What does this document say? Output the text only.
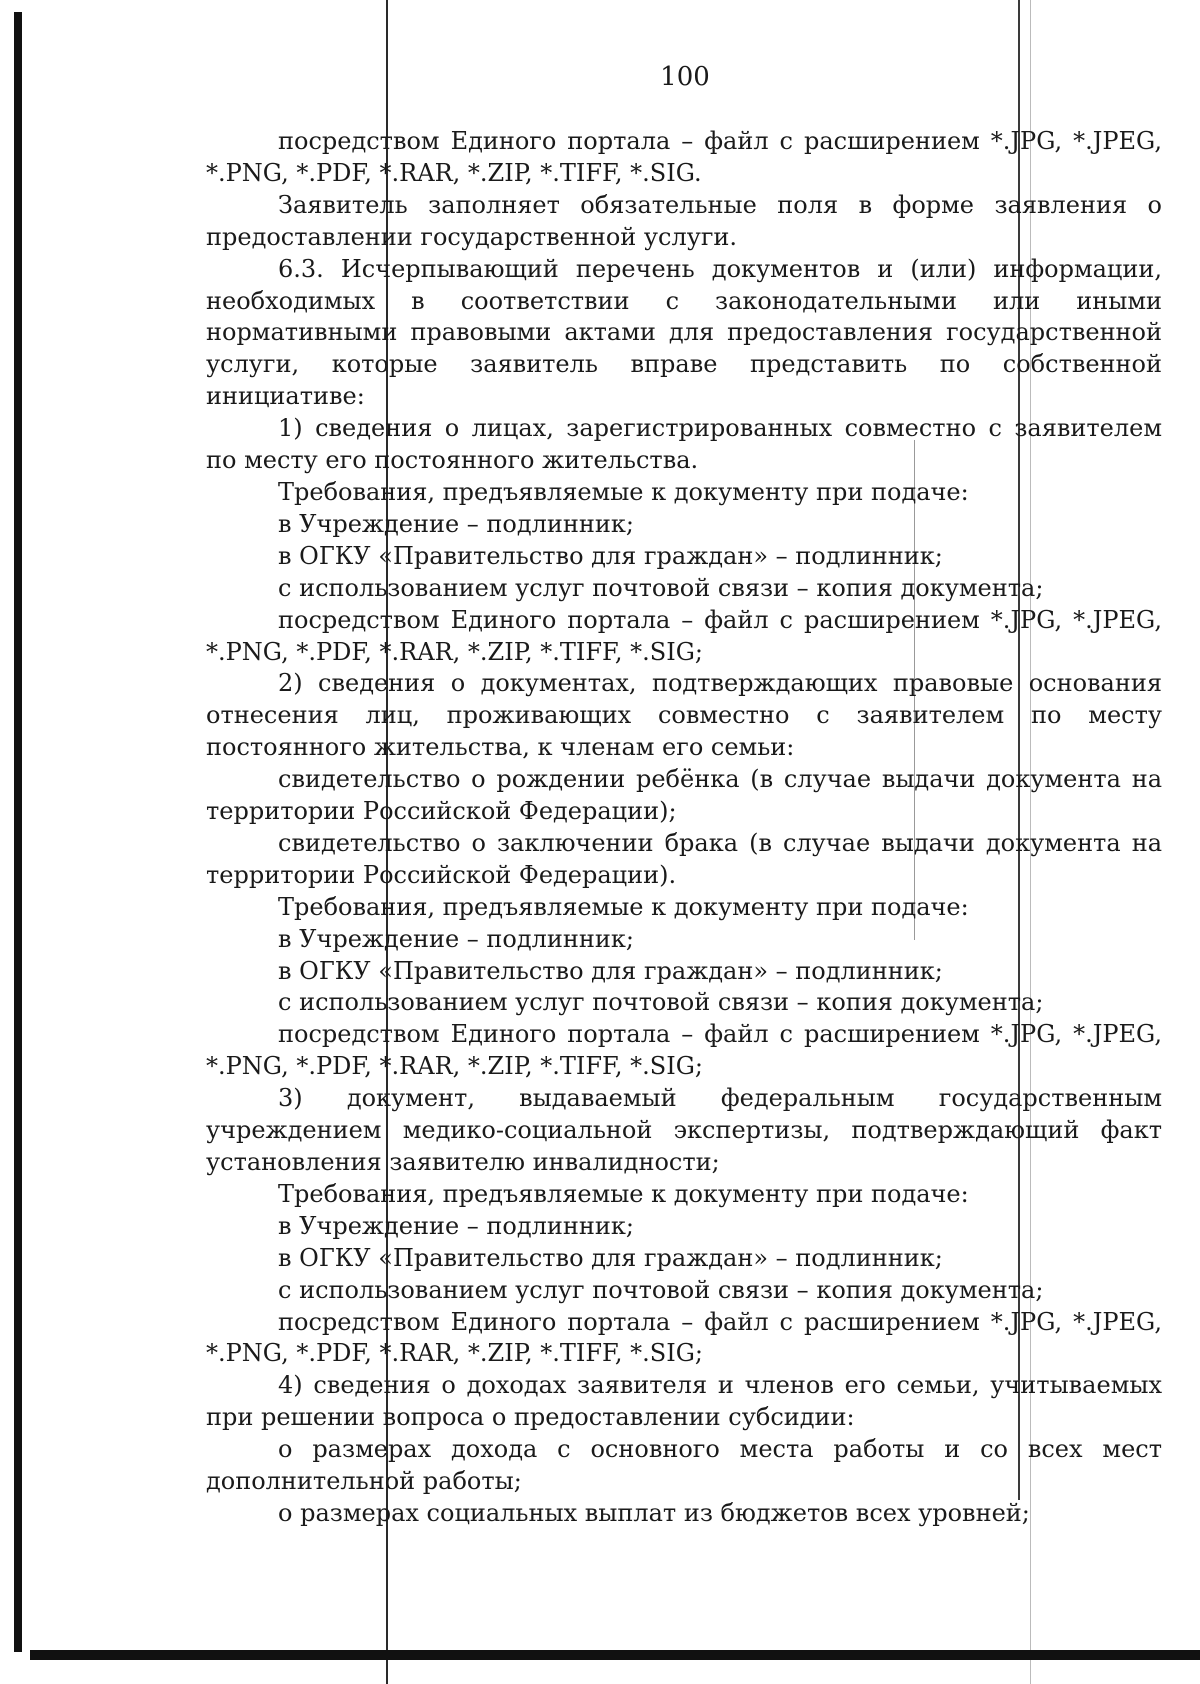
100

посредством Единого портала – файл с расширением *.JPG, *.JPEG, *.PNG, *.PDF, *.RAR, *.ZIP, *.TIFF, *.SIG.

Заявитель заполняет обязательные поля в форме заявления о предоставлении государственной услуги.

6.3. Исчерпывающий перечень документов и (или) информации, необходимых в соответствии с законодательными или иными нормативными правовыми актами для предоставления государственной услуги, которые заявитель вправе представить по собственной инициативе:

1) сведения о лицах, зарегистрированных совместно с заявителем по месту его постоянного жительства.

Требования, предъявляемые к документу при подаче:

в Учреждение – подлинник;

в ОГКУ «Правительство для граждан» – подлинник;

с использованием услуг почтовой связи – копия документа;

посредством Единого портала – файл с расширением *.JPG, *.JPEG, *.PNG, *.PDF, *.RAR, *.ZIP, *.TIFF, *.SIG;

2) сведения о документах, подтверждающих правовые основания отнесения лиц, проживающих совместно с заявителем по месту постоянного жительства, к членам его семьи:

свидетельство о рождении ребёнка (в случае выдачи документа на территории Российской Федерации);

свидетельство о заключении брака (в случае выдачи документа на территории Российской Федерации).

Требования, предъявляемые к документу при подаче:

в Учреждение – подлинник;

в ОГКУ «Правительство для граждан» – подлинник;

с использованием услуг почтовой связи – копия документа;

посредством Единого портала – файл с расширением *.JPG, *.JPEG, *.PNG, *.PDF, *.RAR, *.ZIP, *.TIFF, *.SIG;

3) документ, выдаваемый федеральным государственным учреждением медико-социальной экспертизы, подтверждающий факт установления заявителю инвалидности;

Требования, предъявляемые к документу при подаче:

в Учреждение – подлинник;

в ОГКУ «Правительство для граждан» – подлинник;

с использованием услуг почтовой связи – копия документа;

посредством Единого портала – файл с расширением *.JPG, *.JPEG, *.PNG, *.PDF, *.RAR, *.ZIP, *.TIFF, *.SIG;

4) сведения о доходах заявителя и членов его семьи, учитываемых при решении вопроса о предоставлении субсидии:

о размерах дохода с основного места работы и со всех мест дополнительной работы;

о размерах социальных выплат из бюджетов всех уровней;
